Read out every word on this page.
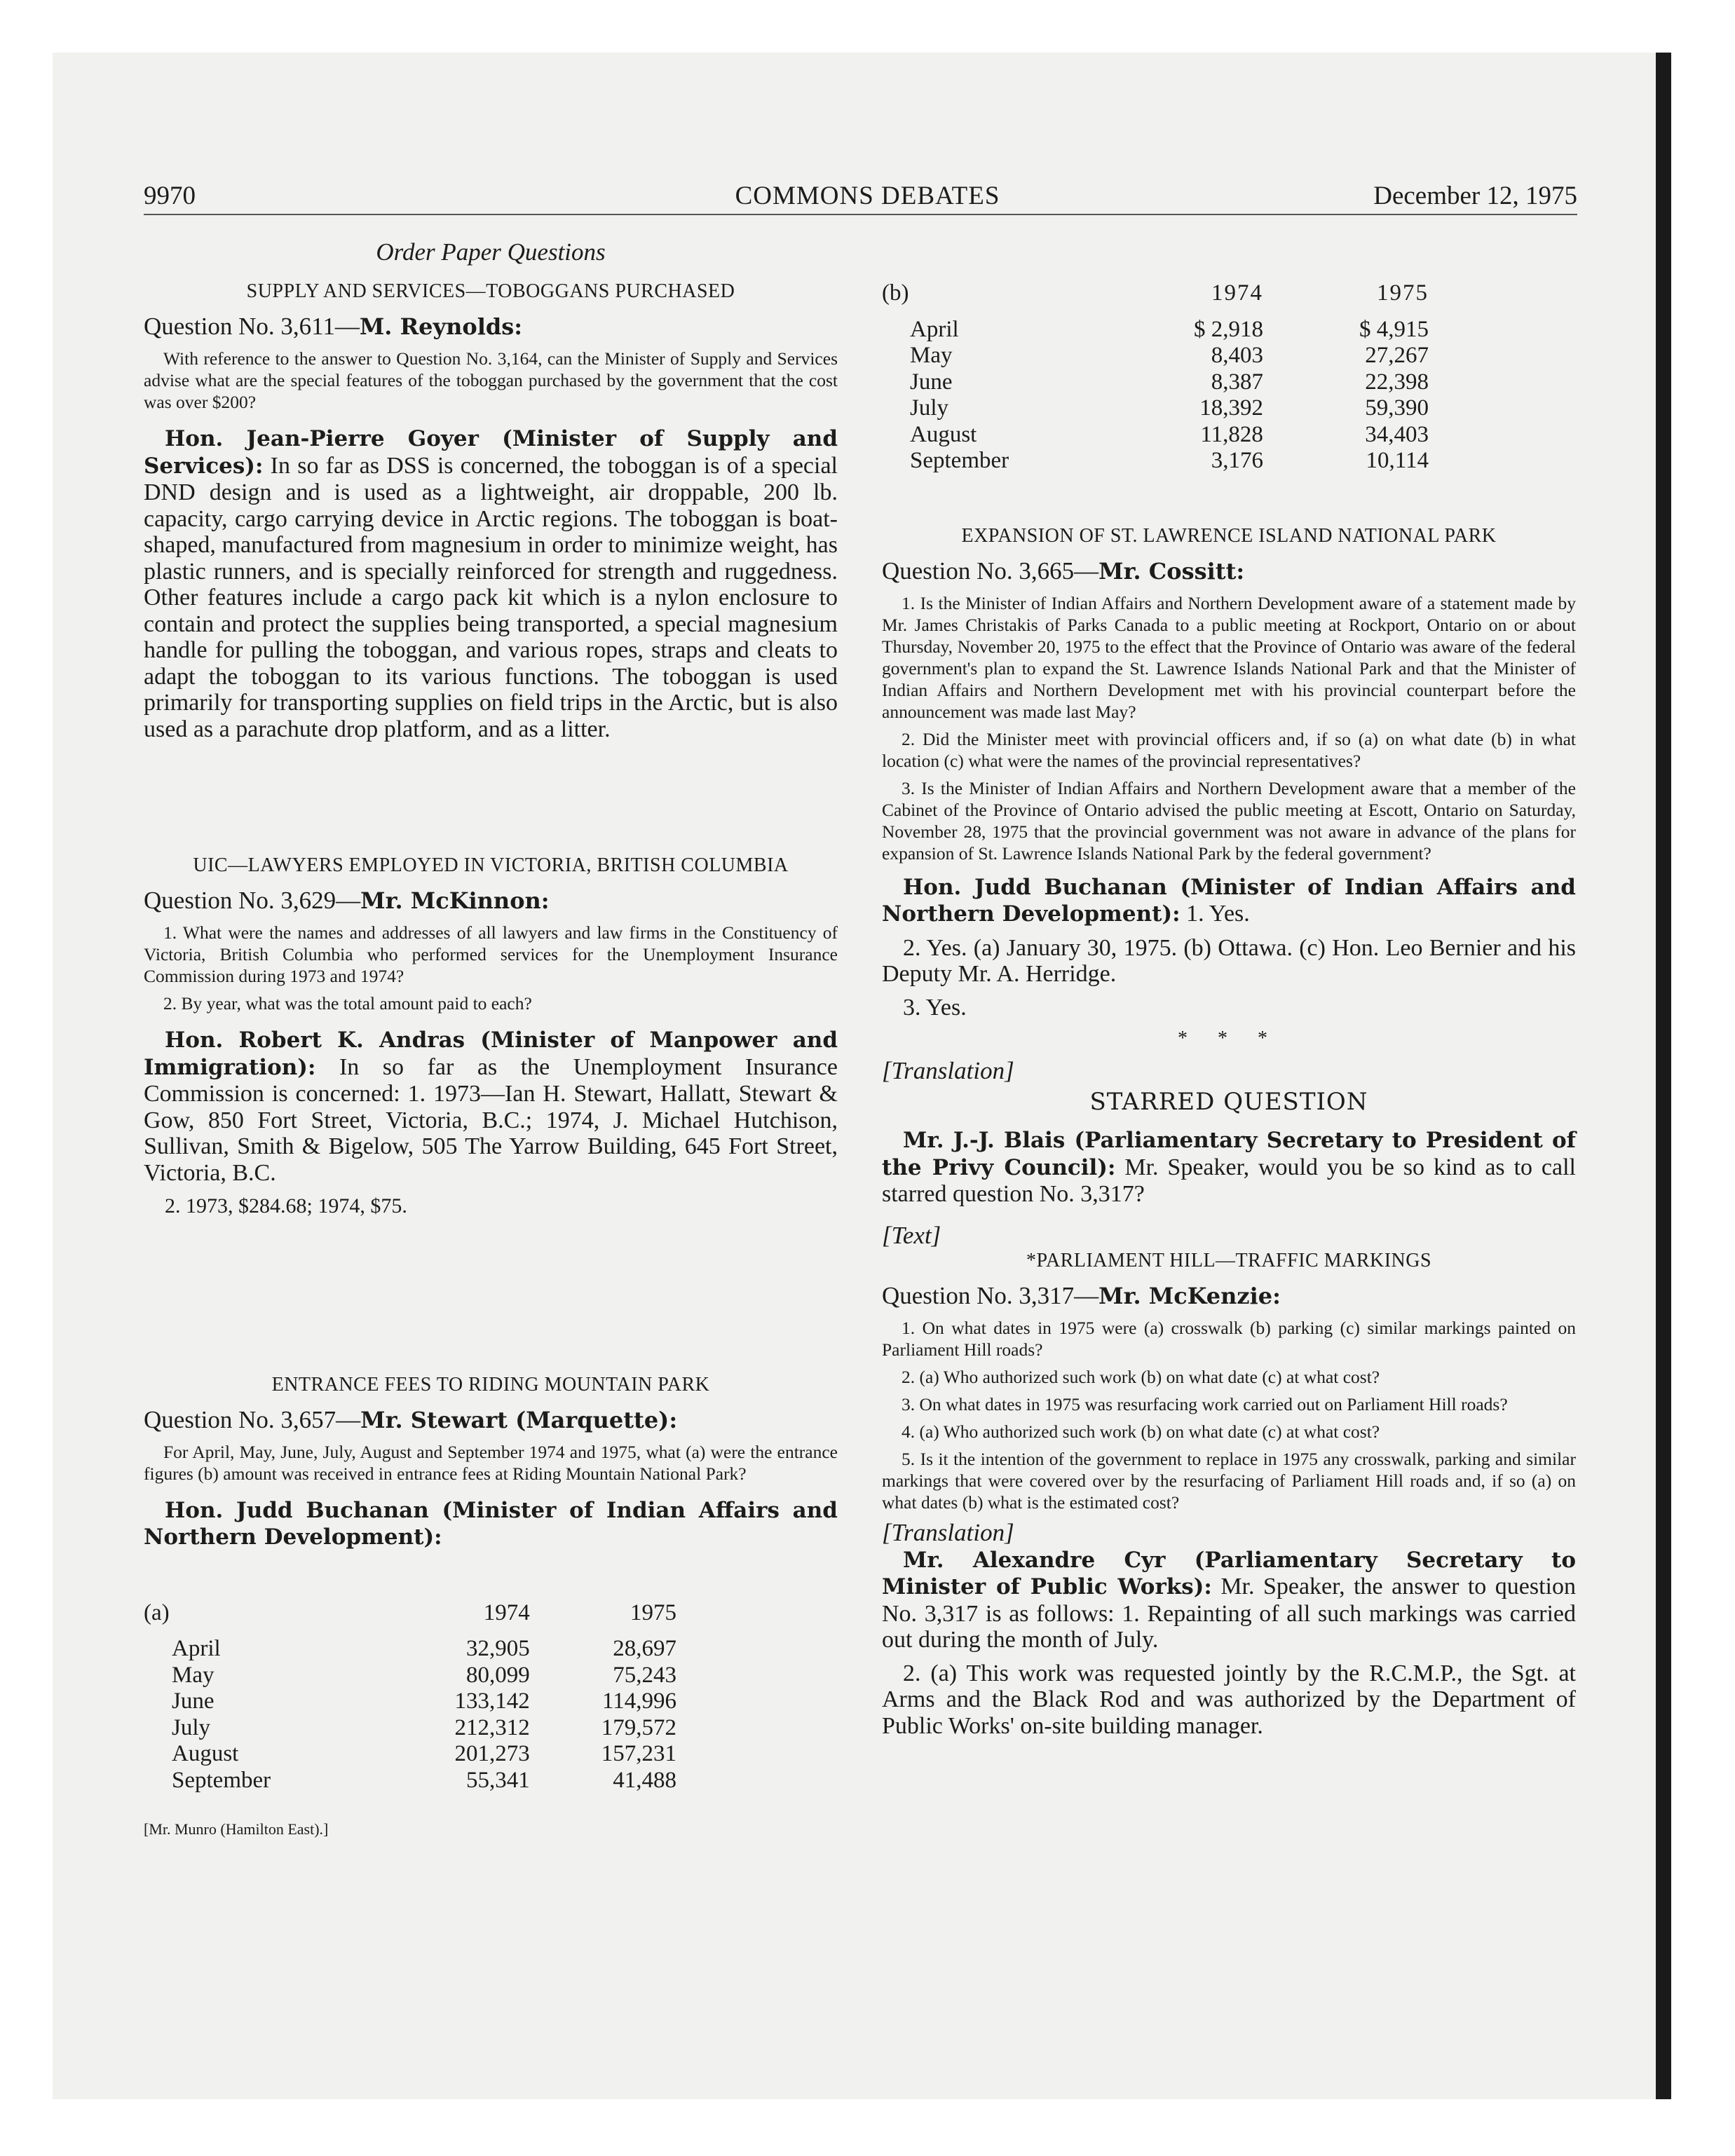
9970	COMMONS DEBATES	December 12, 1975
Order Paper Questions
SUPPLY AND SERVICES—TOBOGGANS PURCHASED
Question No. 3,611—M. Reynolds:

With reference to the answer to Question No. 3,164, can the Minister of Supply and Services advise what are the special features of the toboggan purchased by the government that the cost was over $200?

Hon. Jean-Pierre Goyer (Minister of Supply and Services): In so far as DSS is concerned, the toboggan is of a special DND design and is used as a lightweight, air droppable, 200 lb. capacity, cargo carrying device in Arctic regions. The toboggan is boat-shaped, manufactured from magnesium in order to minimize weight, has plastic runners, and is specially reinforced for strength and ruggedness. Other features include a cargo pack kit which is a nylon enclosure to contain and protect the supplies being transported, a special magnesium handle for pulling the toboggan, and various ropes, straps and cleats to adapt the toboggan to its various functions. The toboggan is used primarily for transporting supplies on field trips in the Arctic, but is also used as a parachute drop platform, and as a litter.

UIC—LAWYERS EMPLOYED IN VICTORIA, BRITISH COLUMBIA
Question No. 3,629—Mr. McKinnon:

1. What were the names and addresses of all lawyers and law firms in the Constituency of Victoria, British Columbia who performed services for the Unemployment Insurance Commission during 1973 and 1974?

2. By year, what was the total amount paid to each?

Hon. Robert K. Andras (Minister of Manpower and Immigration): In so far as the Unemployment Insurance Commission is concerned: 1. 1973—Ian H. Stewart, Hallatt, Stewart & Gow, 850 Fort Street, Victoria, B.C.; 1974, J. Michael Hutchison, Sullivan, Smith & Bigelow, 505 The Yarrow Building, 645 Fort Street, Victoria, B.C.

2. 1973, $284.68; 1974, $75.

ENTRANCE FEES TO RIDING MOUNTAIN PARK
Question No. 3,657—Mr. Stewart (Marquette):

For April, May, June, July, August and September 1974 and 1975, what (a) were the entrance figures (b) amount was received in entrance fees at Riding Mountain National Park?

Hon. Judd Buchanan (Minister of Indian Affairs and Northern Development):

(a)	1974	1975

April	32,905	28,697
May	80,099	75,243
June	133,142	114,996
July	212,312	179,572
August	201,273	157,231
September	55,341	41,488
[Mr. Munro (Hamilton East).]
(b)	1974	1975

April	$ 2,918	$ 4,915
May	8,403	27,267
June	8,387	22,398
July	18,392	59,390
August	11,828	34,403
September	3,176	10,114
EXPANSION OF ST. LAWRENCE ISLAND NATIONAL PARK
Question No. 3,665—Mr. Cossitt:

1. Is the Minister of Indian Affairs and Northern Development aware of a statement made by Mr. James Christakis of Parks Canada to a public meeting at Rockport, Ontario on or about Thursday, November 20, 1975 to the effect that the Province of Ontario was aware of the federal government's plan to expand the St. Lawrence Islands National Park and that the Minister of Indian Affairs and Northern Development met with his provincial counterpart before the announcement was made last May?

2. Did the Minister meet with provincial officers and, if so (a) on what date (b) in what location (c) what were the names of the provincial representatives?

3. Is the Minister of Indian Affairs and Northern Development aware that a member of the Cabinet of the Province of Ontario advised the public meeting at Escott, Ontario on Saturday, November 28, 1975 that the provincial government was not aware in advance of the plans for expansion of St. Lawrence Islands National Park by the federal government?

Hon. Judd Buchanan (Minister of Indian Affairs and Northern Development): 1. Yes.

2. Yes. (a) January 30, 1975. (b) Ottawa. (c) Hon. Leo Bernier and his Deputy Mr. A. Herridge.

3. Yes.

* * *
[Translation]
STARRED QUESTION

Mr. J.-J. Blais (Parliamentary Secretary to President of the Privy Council): Mr. Speaker, would you be so kind as to call starred question No. 3,317?

[Text]
*PARLIAMENT HILL—TRAFFIC MARKINGS
Question No. 3,317—Mr. McKenzie:

1. On what dates in 1975 were (a) crosswalk (b) parking (c) similar markings painted on Parliament Hill roads?

2. (a) Who authorized such work (b) on what date (c) at what cost?

3. On what dates in 1975 was resurfacing work carried out on Parliament Hill roads?

4. (a) Who authorized such work (b) on what date (c) at what cost?

5. Is it the intention of the government to replace in 1975 any crosswalk, parking and similar markings that were covered over by the resurfacing of Parliament Hill roads and, if so (a) on what dates (b) what is the estimated cost?

[Translation]

Mr. Alexandre Cyr (Parliamentary Secretary to Minister of Public Works): Mr. Speaker, the answer to question No. 3,317 is as follows: 1. Repainting of all such markings was carried out during the month of July.

2. (a) This work was requested jointly by the R.C.M.P., the Sgt. at Arms and the Black Rod and was authorized by the Department of Public Works' on-site building manager.
